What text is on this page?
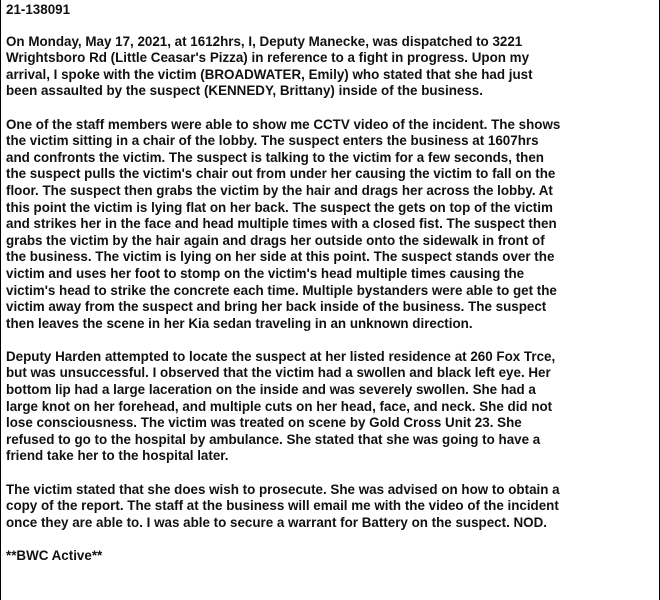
21-138091
On Monday, May 17, 2021, at 1612hrs, I, Deputy Manecke, was dispatched to 3221
Wrightsboro Rd (Little Ceasar's Pizza) in reference to a fight in progress. Upon my
arrival, I spoke with the victim (BROADWATER, Emily) who stated that she had just
been assaulted by the suspect (KENNEDY, Brittany) inside of the business.
One of the staff members were able to show me CCTV video of the incident. The shows
the victim sitting in a chair of the lobby. The suspect enters the business at 1607hrs
and confronts the victim. The suspect is talking to the victim for a few seconds, then
the suspect pulls the victim's chair out from under her causing the victim to fall on the
floor. The suspect then grabs the victim by the hair and drags her across the lobby. At
this point the victim is lying flat on her back. The suspect the gets on top of the victim
and strikes her in the face and head multiple times with a closed fist. The suspect then
grabs the victim by the hair again and drags her outside onto the sidewalk in front of
the business. The victim is lying on her side at this point. The suspect stands over the
victim and uses her foot to stomp on the victim's head multiple times causing the
victim's head to strike the concrete each time. Multiple bystanders were able to get the
victim away from the suspect and bring her back inside of the business. The suspect
then leaves the scene in her Kia sedan traveling in an unknown direction.
Deputy Harden attempted to locate the suspect at her listed residence at 260 Fox Trce,
but was unsuccessful. I observed that the victim had a swollen and black left eye. Her
bottom lip had a large laceration on the inside and was severely swollen. She had a
large knot on her forehead, and multiple cuts on her head, face, and neck. She did not
lose consciousness. The victim was treated on scene by Gold Cross Unit 23. She
refused to go to the hospital by ambulance. She stated that she was going to have a
friend take her to the hospital later.
The victim stated that she does wish to prosecute. She was advised on how to obtain a
copy of the report. The staff at the business will email me with the video of the incident
once they are able to. I was able to secure a warrant for Battery on the suspect. NOD.
**BWC Active**
